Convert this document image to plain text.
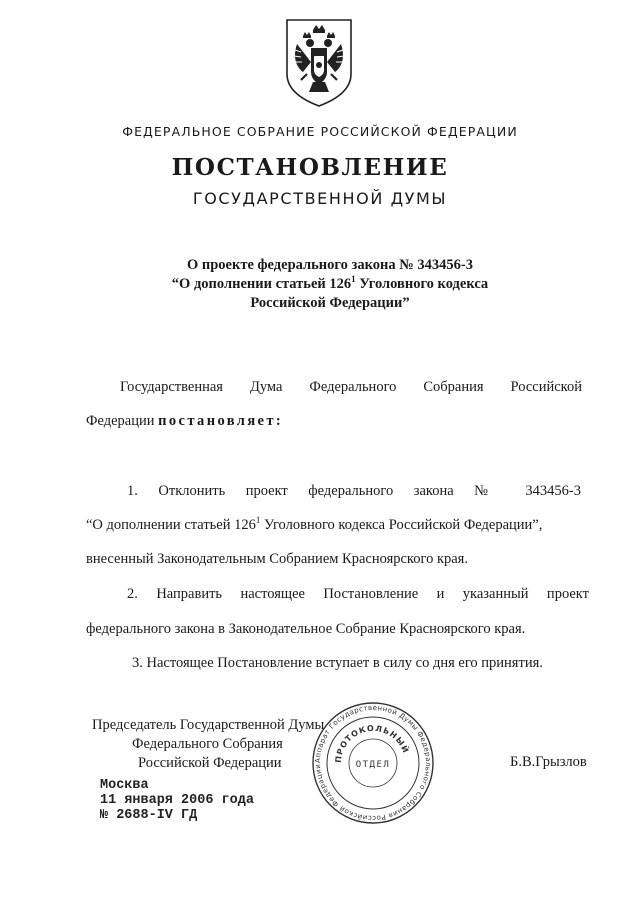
ФЕДЕРАЛЬНОЕ СОБРАНИЕ РОССИЙСКОЙ ФЕДЕРАЦИИ
ПОСТАНОВЛЕНИЕ
ГОСУДАРСТВЕННОЙ ДУМЫ
О проекте федерального закона № 343456-3
“О дополнении статьей $126^1$ Уголовного кодекса
Российской Федерации”
Государственная Дума Федерального Собрания Российской
Федерации постановляет:
1. Отклонить проект федерального закона № 343456-3
“О дополнении статьей $126^1$ Уголовного кодекса Российской Федерации”,
внесенный Законодательным Собранием Красноярского края.
2. Направить настоящее Постановление и указанный проект
федерального закона в Законодательное Собрание Красноярского края.
3. Настоящее Постановление вступает в силу со дня его принятия.
Председатель Государственной Думы
Федерального Собрания
Российской Федерации	Аппарат Государственной Думы Федерального Собрания Российской Федерации
ПРОТОКОЛЬНЫЙ
ОТДЕЛ	Б.В.Грызлов
Москва
11 января 2006 года
№ 2688-IV ГД
